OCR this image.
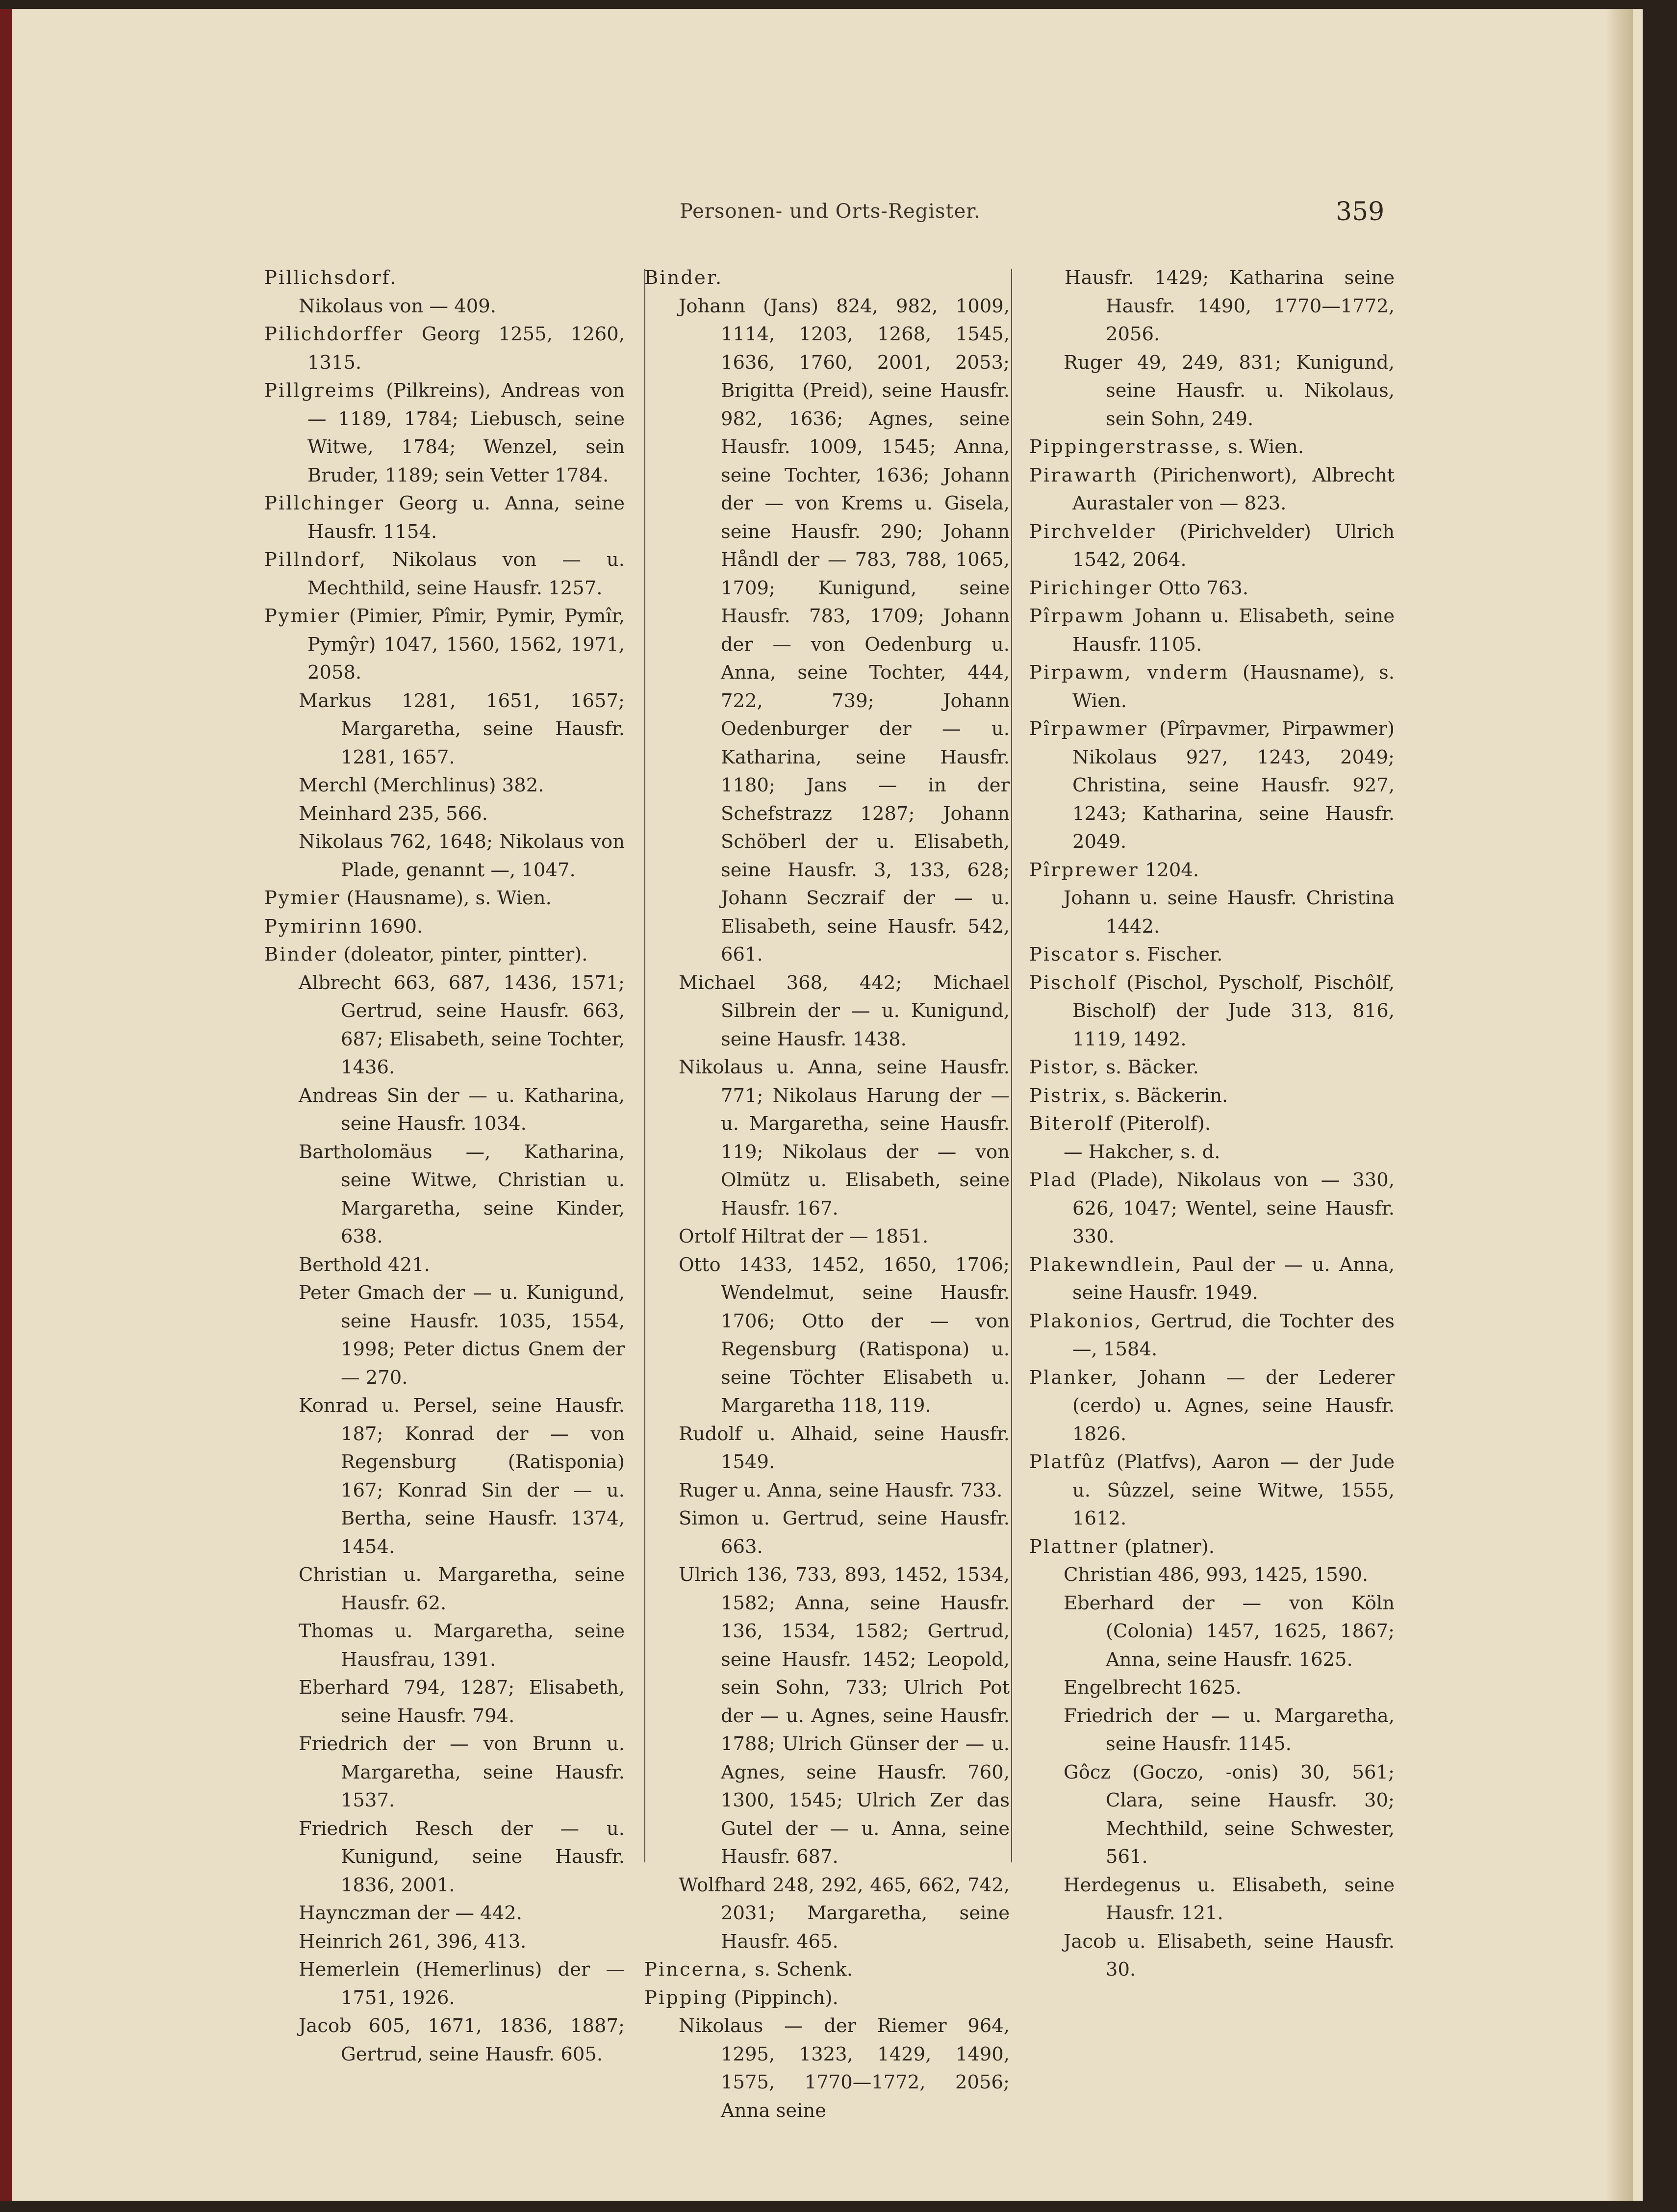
Personen- und Orts-Register.	359

Pillichsdorf.

Nikolaus von — 409.

Pilichdorffer Georg 1255, 1260, 1315.

Pillgreims (Pilkreins), Andreas von — 1189, 1784; Liebusch, seine Witwe, 1784; Wenzel, sein Bruder, 1189; sein Vetter 1784.

Pillchinger Georg u. Anna, seine Hausfr. 1154.

Pillndorf, Nikolaus von — u. Mechthild, seine Hausfr. 1257.

Pymier (Pimier, Pîmir, Pymir, Pymîr, Pymŷr) 1047, 1560, 1562, 1971, 2058.

Markus 1281, 1651, 1657; Margaretha, seine Hausfr. 1281, 1657.

Merchl (Merchlinus) 382.

Meinhard 235, 566.

Nikolaus 762, 1648; Nikolaus von Plade, genannt —, 1047.

Pymier (Hausname), s. Wien.

Pymirinn 1690.

Binder (doleator, pinter, pintter).

Albrecht 663, 687, 1436, 1571; Gertrud, seine Hausfr. 663, 687; Elisabeth, seine Tochter, 1436.

Andreas Sin der — u. Katharina, seine Hausfr. 1034.

Bartholomäus —, Katharina, seine Witwe, Christian u. Margaretha, seine Kinder, 638.

Berthold 421.

Peter Gmach der — u. Kunigund, seine Hausfr. 1035, 1554, 1998; Peter dictus Gnem der — 270.

Konrad u. Persel, seine Hausfr. 187; Konrad der — von Regensburg (Ratisponia) 167; Konrad Sin der — u. Bertha, seine Hausfr. 1374, 1454.

Christian u. Margaretha, seine Hausfr. 62.

Thomas u. Margaretha, seine Hausfrau, 1391.

Eberhard 794, 1287; Elisabeth, seine Hausfr. 794.

Friedrich der — von Brunn u. Margaretha, seine Hausfr. 1537.

Friedrich Resch der — u. Kunigund, seine Hausfr. 1836, 2001.

Haynczman der — 442.

Heinrich 261, 396, 413.

Hemerlein (Hemerlinus) der — 1751, 1926.

Jacob 605, 1671, 1836, 1887; Gertrud, seine Hausfr. 605.

Binder.

Johann (Jans) 824, 982, 1009, 1114, 1203, 1268, 1545, 1636, 1760, 2001, 2053; Brigitta (Preid), seine Hausfr. 982, 1636; Agnes, seine Hausfr. 1009, 1545; Anna, seine Tochter, 1636; Johann der — von Krems u. Gisela, seine Hausfr. 290; Johann Håndl der — 783, 788, 1065, 1709; Kunigund, seine Hausfr. 783, 1709; Johann der — von Oedenburg u. Anna, seine Tochter, 444, 722, 739; Johann Oedenburger der — u. Katharina, seine Hausfr. 1180; Jans — in der Schefstrazz 1287; Johann Schöberl der u. Elisabeth, seine Hausfr. 3, 133, 628; Johann Seczraif der — u. Elisabeth, seine Hausfr. 542, 661.

Michael 368, 442; Michael Silbrein der — u. Kunigund, seine Hausfr. 1438.

Nikolaus u. Anna, seine Hausfr. 771; Nikolaus Harung der — u. Margaretha, seine Hausfr. 119; Nikolaus der — von Olmütz u. Elisabeth, seine Hausfr. 167.

Ortolf Hiltrat der — 1851.

Otto 1433, 1452, 1650, 1706; Wendelmut, seine Hausfr. 1706; Otto der — von Regensburg (Ratispona) u. seine Töchter Elisabeth u. Margaretha 118, 119.

Rudolf u. Alhaid, seine Hausfr. 1549.

Ruger u. Anna, seine Hausfr. 733.

Simon u. Gertrud, seine Hausfr. 663.

Ulrich 136, 733, 893, 1452, 1534, 1582; Anna, seine Hausfr. 136, 1534, 1582; Gertrud, seine Hausfr. 1452; Leopold, sein Sohn, 733; Ulrich Pot der — u. Agnes, seine Hausfr. 1788; Ulrich Günser der — u. Agnes, seine Hausfr. 760, 1300, 1545; Ulrich Zer das Gutel der — u. Anna, seine Hausfr. 687.

Wolfhard 248, 292, 465, 662, 742, 2031; Margaretha, seine Hausfr. 465.

Pincerna, s. Schenk.

Pipping (Pippinch).

Nikolaus — der Riemer 964, 1295, 1323, 1429, 1490, 1575, 1770—1772, 2056; Anna seine

Hausfr. 1429; Katharina seine Hausfr. 1490, 1770—1772, 2056.

Ruger 49, 249, 831; Kunigund, seine Hausfr. u. Nikolaus, sein Sohn, 249.

Pippingerstrasse, s. Wien.

Pirawarth (Pirichenwort), Albrecht Aurastaler von — 823.

Pirchvelder (Pirichvelder) Ulrich 1542, 2064.

Pirichinger Otto 763.

Pîrpawm Johann u. Elisabeth, seine Hausfr. 1105.

Pirpawm, vnderm (Hausname), s. Wien.

Pîrpawmer (Pîrpavmer, Pirpawmer) Nikolaus 927, 1243, 2049; Christina, seine Hausfr. 927, 1243; Katharina, seine Hausfr. 2049.

Pîrprewer 1204.

Johann u. seine Hausfr. Christina 1442.

Piscator s. Fischer.

Pischolf (Pischol, Pyscholf, Pischôlf, Bischolf) der Jude 313, 816, 1119, 1492.

Pistor, s. Bäcker.

Pistrix, s. Bäckerin.

Biterolf (Piterolf).

— Hakcher, s. d.

Plad (Plade), Nikolaus von — 330, 626, 1047; Wentel, seine Hausfr. 330.

Plakewndlein, Paul der — u. Anna, seine Hausfr. 1949.

Plakonios, Gertrud, die Tochter des —, 1584.

Planker, Johann — der Lederer (cerdo) u. Agnes, seine Hausfr. 1826.

Platfûz (Platfvs), Aaron — der Jude u. Sûzzel, seine Witwe, 1555, 1612.

Plattner (platner).

Christian 486, 993, 1425, 1590.

Eberhard der — von Köln (Colonia) 1457, 1625, 1867; Anna, seine Hausfr. 1625.

Engelbrecht 1625.

Friedrich der — u. Margaretha, seine Hausfr. 1145.

Gôcz (Goczo, -onis) 30, 561; Clara, seine Hausfr. 30; Mechthild, seine Schwester, 561.

Herdegenus u. Elisabeth, seine Hausfr. 121.

Jacob u. Elisabeth, seine Hausfr. 30.
